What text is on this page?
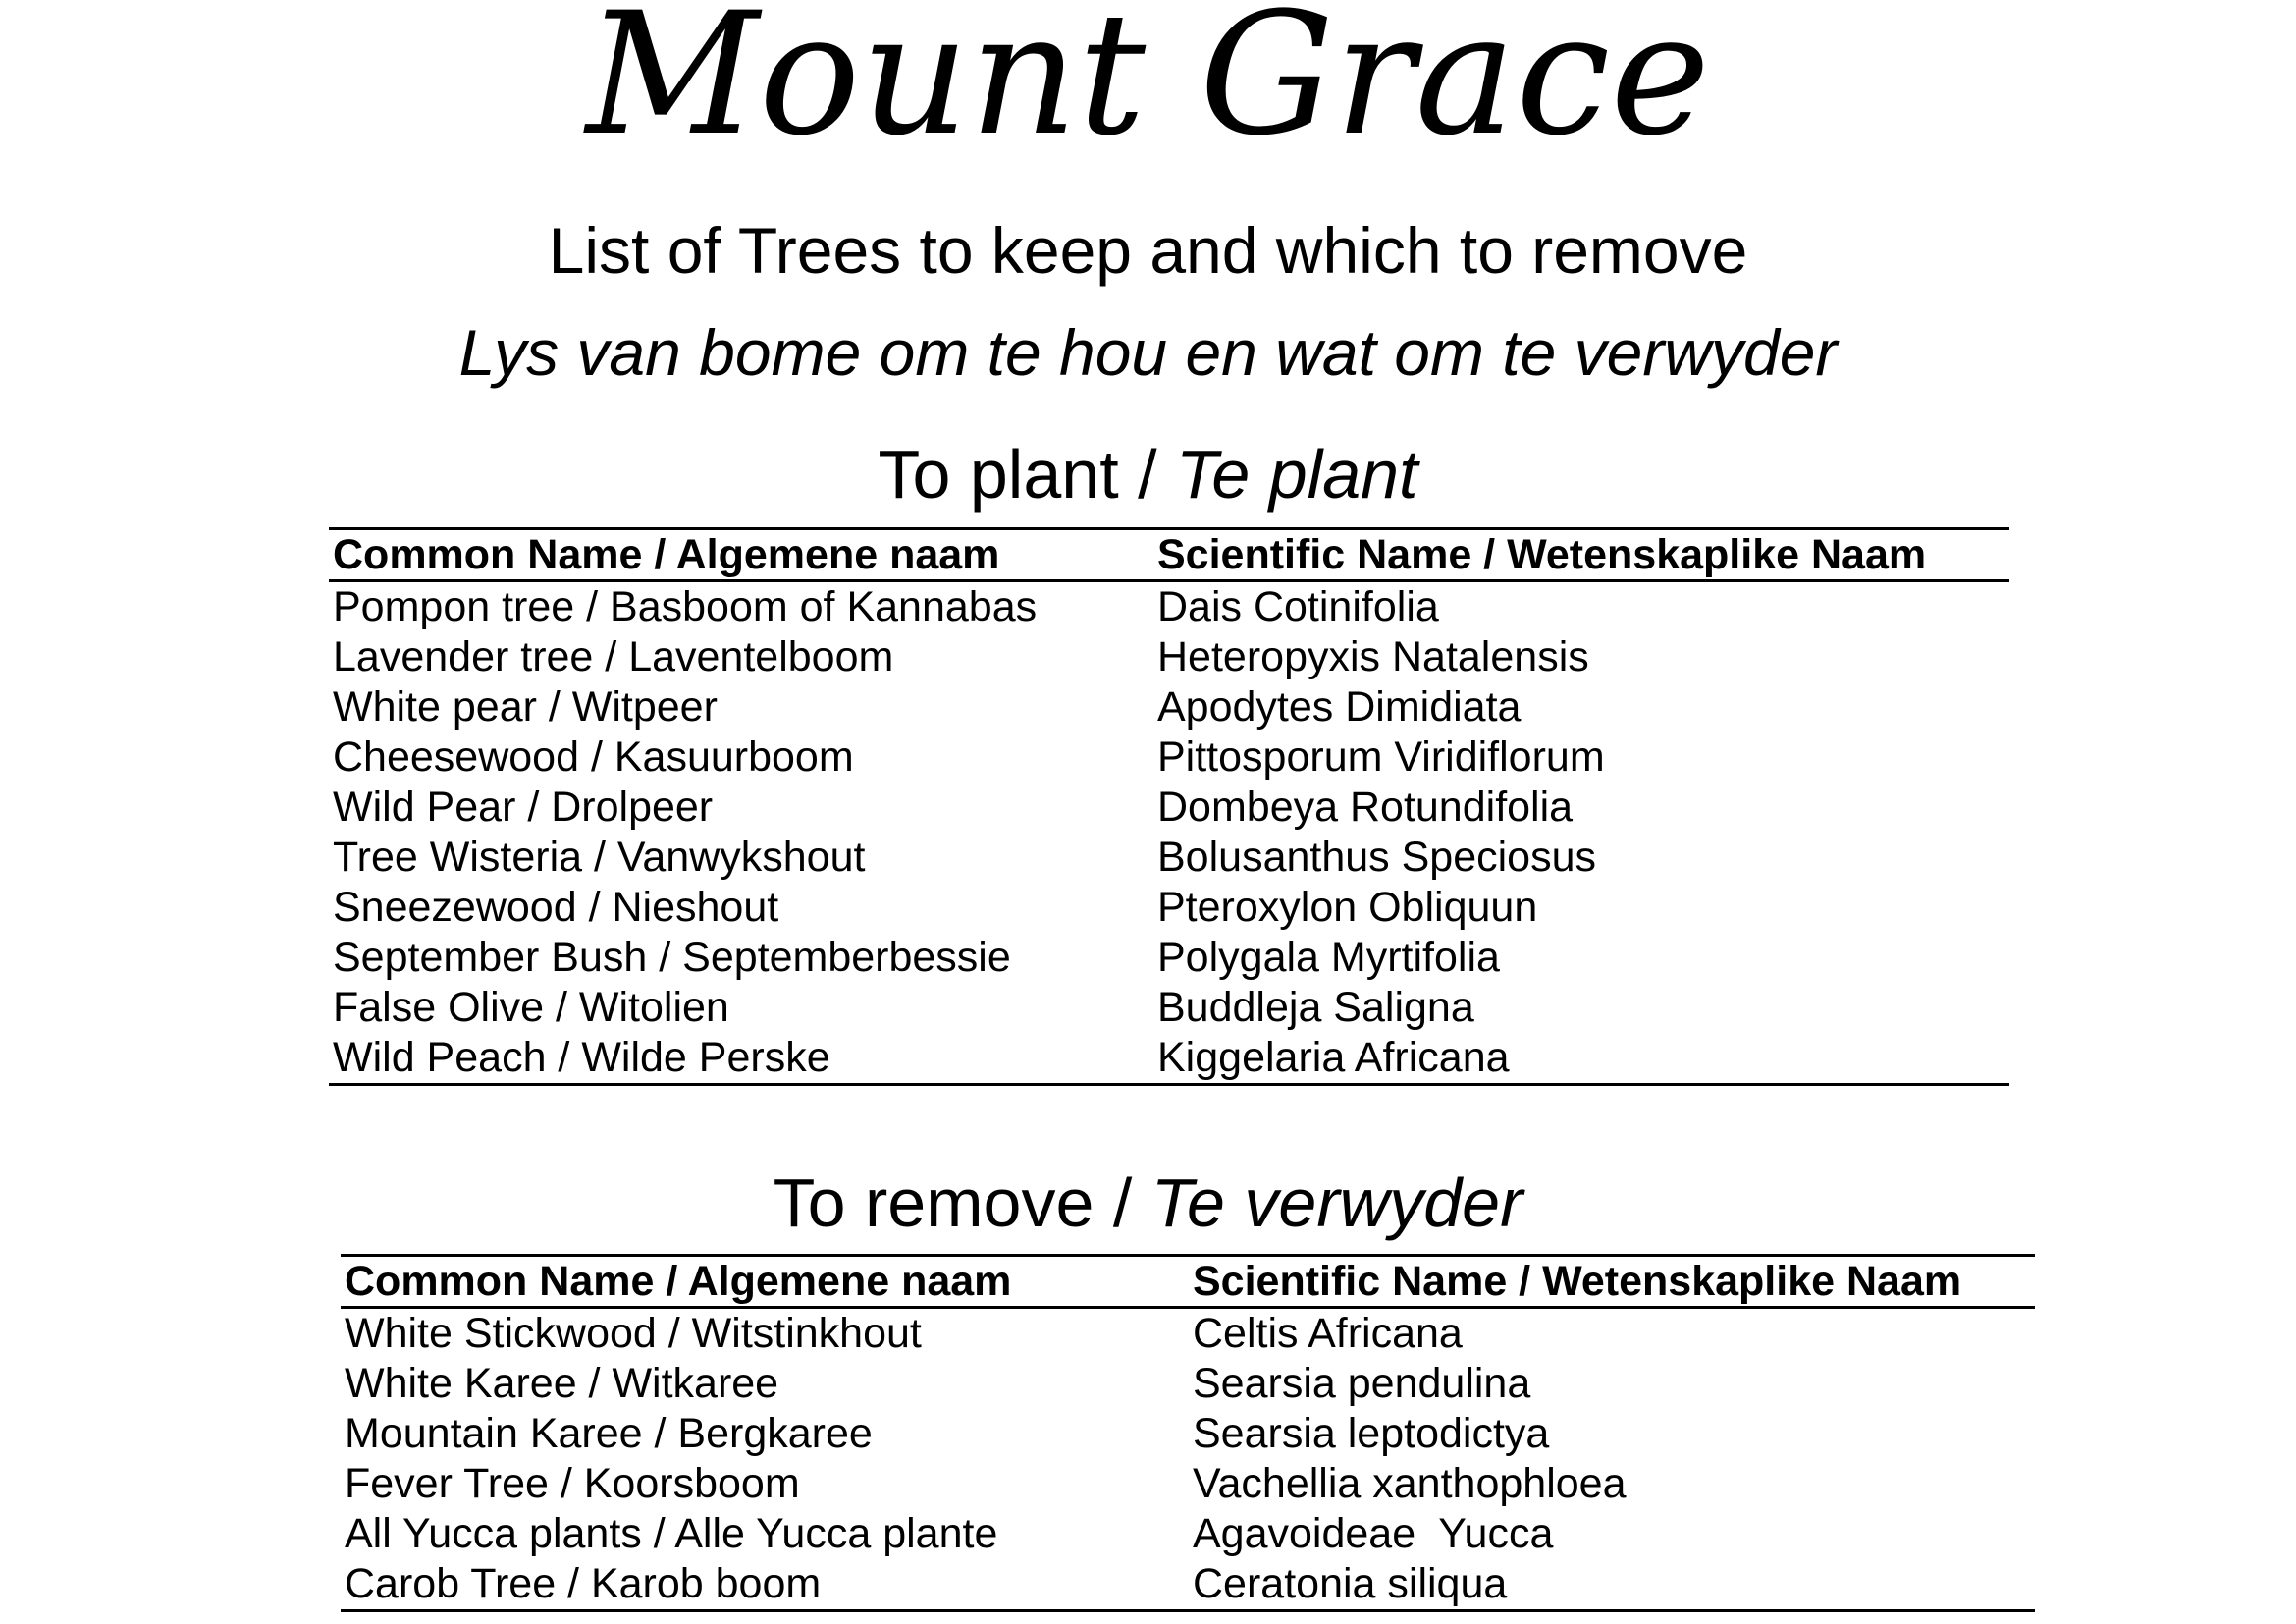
Mount Grace

List of Trees to keep and which to remove

Lys van bome om te hou en wat om te verwyder

To plant / Te plant
Common Name / Algemene naam	Scientific Name / Wetenskaplike Naam
Pompon tree / Basboom of Kannabas	Dais Cotinifolia
Lavender tree / Laventelboom	Heteropyxis Natalensis
White pear / Witpeer	Apodytes Dimidiata
Cheesewood / Kasuurboom	Pittosporum Viridiflorum
Wild Pear / Drolpeer	Dombeya Rotundifolia
Tree Wisteria / Vanwykshout	Bolusanthus Speciosus
Sneezewood / Nieshout	Pteroxylon Obliquun
September Bush / Septemberbessie	Polygala Myrtifolia
False Olive / Witolien	Buddleja Saligna
Wild Peach / Wilde Perske	Kiggelaria Africana
To remove / Te verwyder
Common Name / Algemene naam	Scientific Name / Wetenskaplike Naam
White Stickwood / Witstinkhout	Celtis Africana
White Karee / Witkaree	Searsia pendulina
Mountain Karee / Bergkaree	Searsia leptodictya
Fever Tree / Koorsboom	Vachellia xanthophloea
All Yucca plants / Alle Yucca plante	Agavoideae  Yucca
Carob Tree / Karob boom	Ceratonia siliqua
